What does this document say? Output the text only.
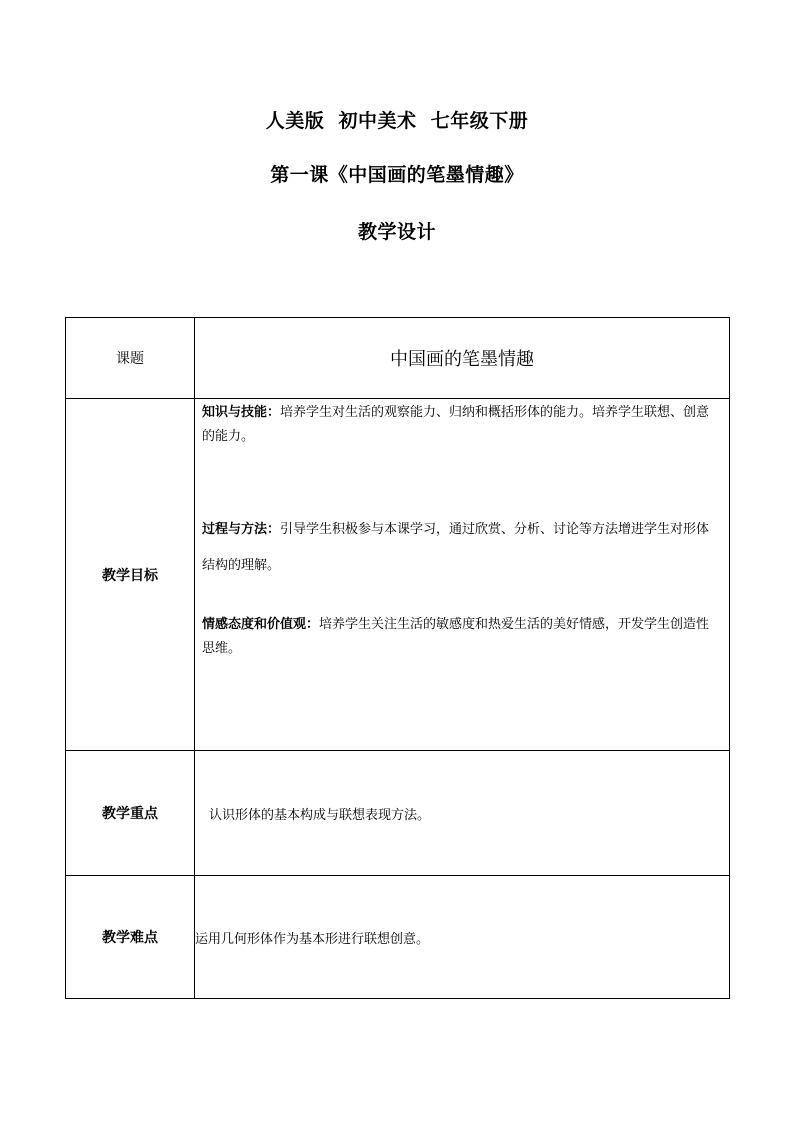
人美版  初中美术  七年级下册
第一课《中国画的笔墨情趣》
教学设计
课题	中国画的笔墨情趣
教学目标	知识与技能：培养学生对生活的观察能力、归纳和概括形体的能力。培养学生联想、创意的能力。
过程与方法：引导学生积极参与本课学习，通过欣赏、分析、讨论等方法增进学生对形体结构的理解。
情感态度和价值观：培养学生关注生活的敏感度和热爱生活的美好情感，开发学生创造性思维。

教学重点	认识形体的基本构成与联想表现方法。
教学难点	运用几何形体作为基本形进行联想创意。
